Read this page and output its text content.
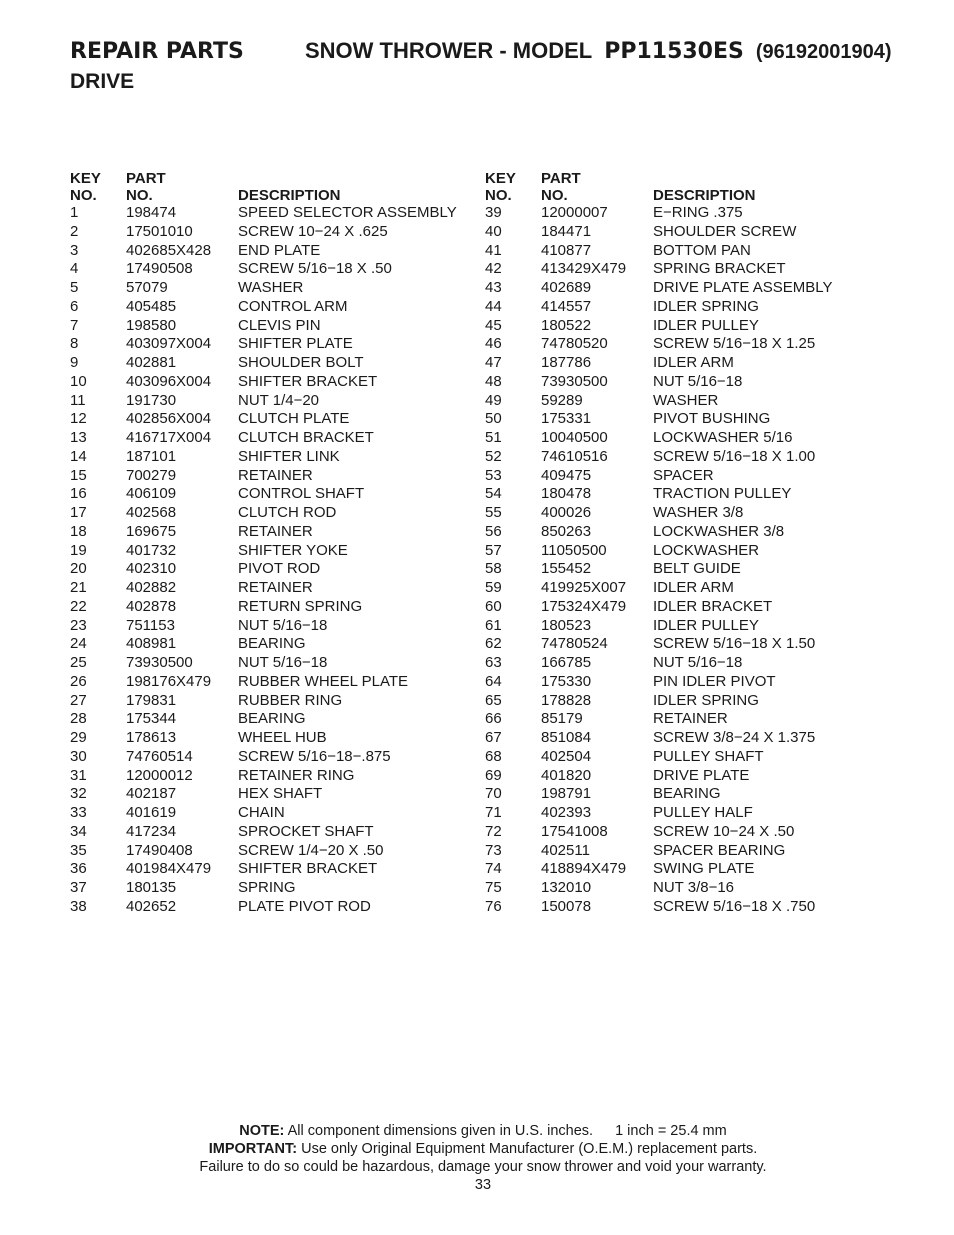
REPAIR PARTS	SNOW THROWER - MODEL PP11530ES (96192001904)
DRIVE
KEY
NO.
PART
NO.	DESCRIPTION
1	198474	SPEED SELECTOR ASSEMBLY
2	17501010	SCREW 10−24 X .625
3	402685X428	END PLATE
4	17490508	SCREW 5/16−18 X .50
5	57079	WASHER
6	405485	CONTROL ARM
7	198580	CLEVIS PIN
8	403097X004	SHIFTER PLATE
9	402881	SHOULDER BOLT
10	403096X004	SHIFTER BRACKET
11	191730	NUT 1/4−20
12	402856X004	CLUTCH PLATE
13	416717X004	CLUTCH BRACKET
14	187101	SHIFTER LINK
15	700279	RETAINER
16	406109	CONTROL SHAFT
17	402568	CLUTCH ROD
18	169675	RETAINER
19	401732	SHIFTER YOKE
20	402310	PIVOT ROD
21	402882	RETAINER
22	402878	RETURN SPRING
23	751153	NUT 5/16−18
24	408981	BEARING
25	73930500	NUT 5/16−18
26	198176X479	RUBBER WHEEL PLATE
27	179831	RUBBER RING
28	175344	BEARING
29	178613	WHEEL HUB
30	74760514	SCREW 5/16−18−.875
31	12000012	RETAINER RING
32	402187	HEX SHAFT
33	401619	CHAIN
34	417234	SPROCKET SHAFT
35	17490408	SCREW 1/4−20 X .50
36	401984X479	SHIFTER BRACKET
37	180135	SPRING
38	402652	PLATE PIVOT ROD
KEY
NO.
PART
NO.	DESCRIPTION
39	12000007	E−RING .375
40	184471	SHOULDER SCREW
41	410877	BOTTOM PAN
42	413429X479	SPRING BRACKET
43	402689	DRIVE PLATE ASSEMBLY
44	414557	IDLER SPRING
45	180522	IDLER PULLEY
46	74780520	SCREW 5/16−18 X 1.25
47	187786	IDLER ARM
48	73930500	NUT 5/16−18
49	59289	WASHER
50	175331	PIVOT BUSHING
51	10040500	LOCKWASHER 5/16
52	74610516	SCREW 5/16−18 X 1.00
53	409475	SPACER
54	180478	TRACTION PULLEY
55	400026	WASHER 3/8
56	850263	LOCKWASHER 3/8
57	11050500	LOCKWASHER
58	155452	BELT GUIDE
59	419925X007	IDLER ARM
60	175324X479	IDLER BRACKET
61	180523	IDLER PULLEY
62	74780524	SCREW 5/16−18 X 1.50
63	166785	NUT 5/16−18
64	175330	PIN IDLER PIVOT
65	178828	IDLER SPRING
66	85179	RETAINER
67	851084	SCREW 3/8−24 X 1.375
68	402504	PULLEY SHAFT
69	401820	DRIVE PLATE
70	198791	BEARING
71	402393	PULLEY HALF
72	17541008	SCREW 10−24 X .50
73	402511	SPACER BEARING
74	418894X479	SWING PLATE
75	132010	NUT 3/8−16
76	150078	SCREW 5/16−18 X .750
NOTE: All component dimensions given in U.S. inches. 1 inch = 25.4 mm
IMPORTANT: Use only Original Equipment Manufacturer (O.E.M.) replacement parts.
Failure to do so could be hazardous, damage your snow thrower and void your warranty.
33
